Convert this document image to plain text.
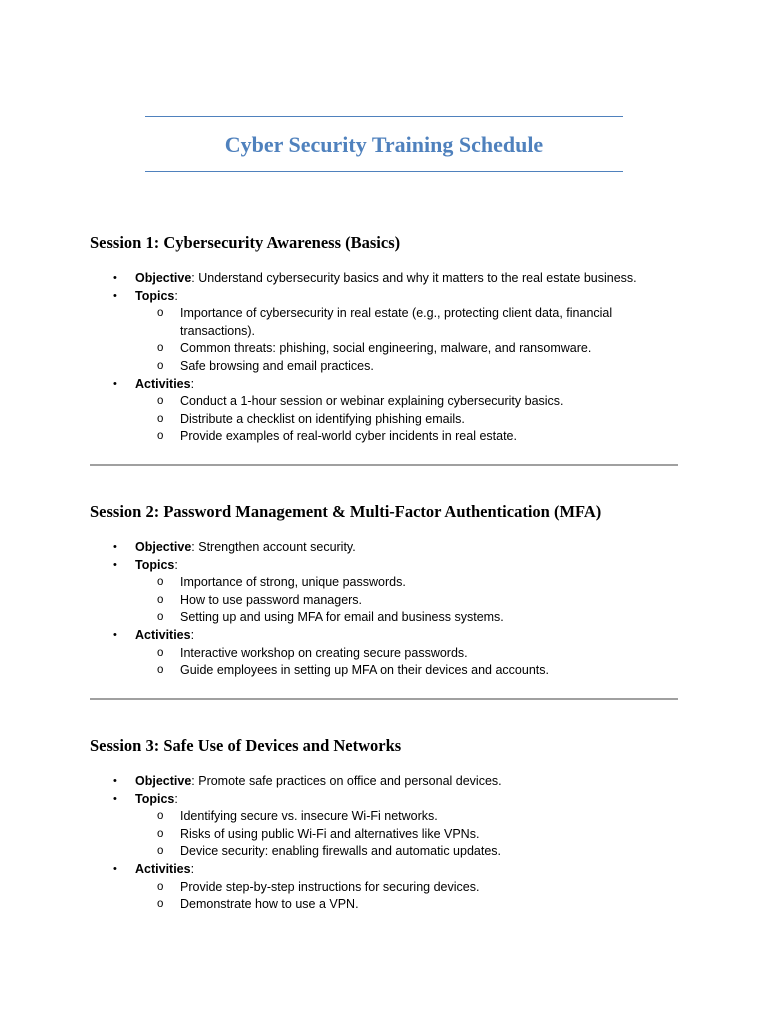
Cyber Security Training Schedule
Session 1: Cybersecurity Awareness (Basics)
• Objective: Understand cybersecurity basics and why it matters to the real estate business.
• Topics:
o Importance of cybersecurity in real estate (e.g., protecting client data, financial transactions).
o Common threats: phishing, social engineering, malware, and ransomware.
o Safe browsing and email practices.
• Activities:
o Conduct a 1-hour session or webinar explaining cybersecurity basics.
o Distribute a checklist on identifying phishing emails.
o Provide examples of real-world cyber incidents in real estate.
Session 2: Password Management & Multi-Factor Authentication (MFA)
• Objective: Strengthen account security.
• Topics:
o Importance of strong, unique passwords.
o How to use password managers.
o Setting up and using MFA for email and business systems.
• Activities:
o Interactive workshop on creating secure passwords.
o Guide employees in setting up MFA on their devices and accounts.
Session 3: Safe Use of Devices and Networks
• Objective: Promote safe practices on office and personal devices.
• Topics:
o Identifying secure vs. insecure Wi-Fi networks.
o Risks of using public Wi-Fi and alternatives like VPNs.
o Device security: enabling firewalls and automatic updates.
• Activities:
o Provide step-by-step instructions for securing devices.
o Demonstrate how to use a VPN.
